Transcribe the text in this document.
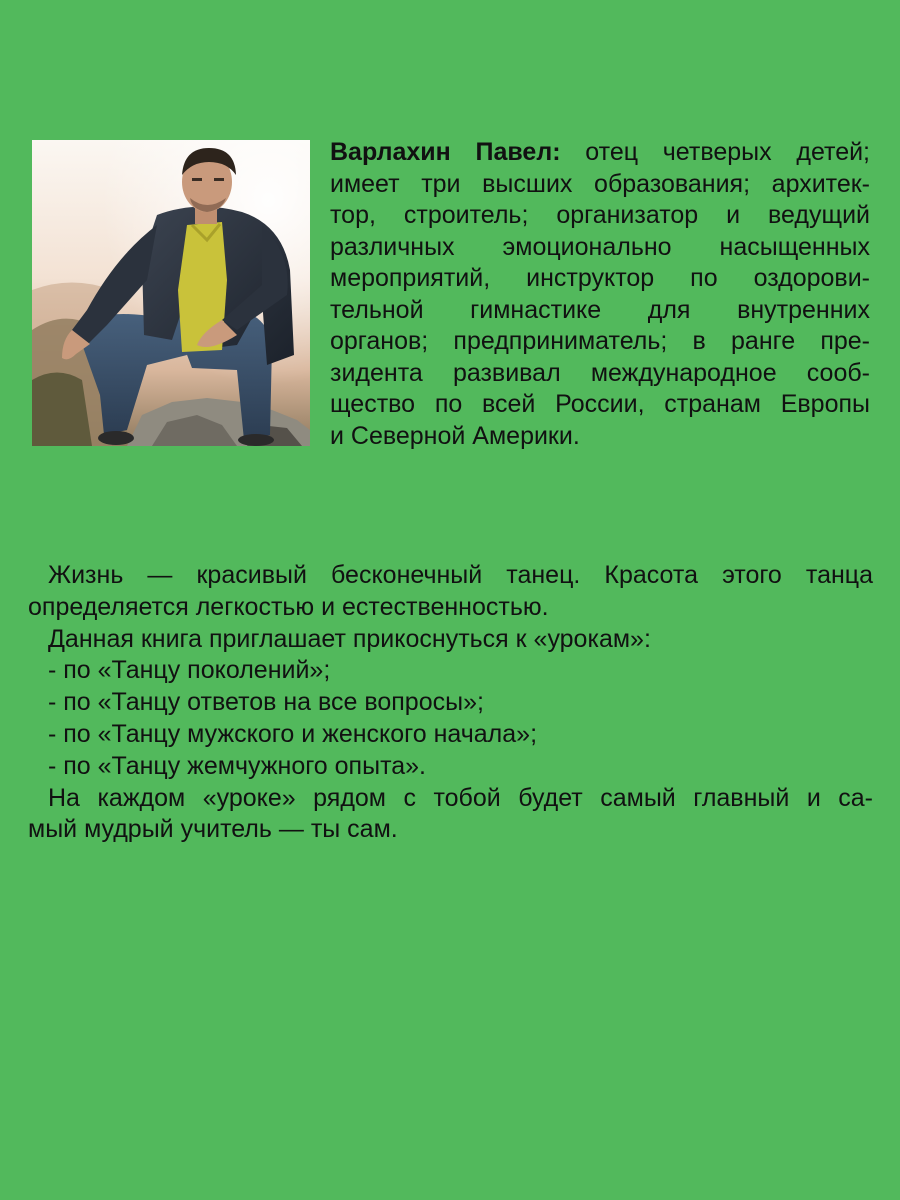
Варлахин Павел: отец четверых детей;
имеет три высших образования; архитек-
тор, строитель; организатор и ведущий
различных эмоционально насыщенных
мероприятий, инструктор по оздорови-
тельной гимнастике для внутренних
органов; предприниматель; в ранге пре-
зидента развивал международное сооб-
щество по всей России, странам Европы
и Северной Америки.
Жизнь — красивый бесконечный танец. Красота этого танца
определяется легкостью и естественностью.
Данная книга приглашает прикоснуться к «урокам»:
- по «Танцу поколений»;
- по «Танцу ответов на все вопросы»;
- по «Танцу мужского и женского начала»;
- по «Танцу жемчужного опыта».
На каждом «уроке» рядом с тобой будет самый главный и са-
мый мудрый учитель — ты сам.
